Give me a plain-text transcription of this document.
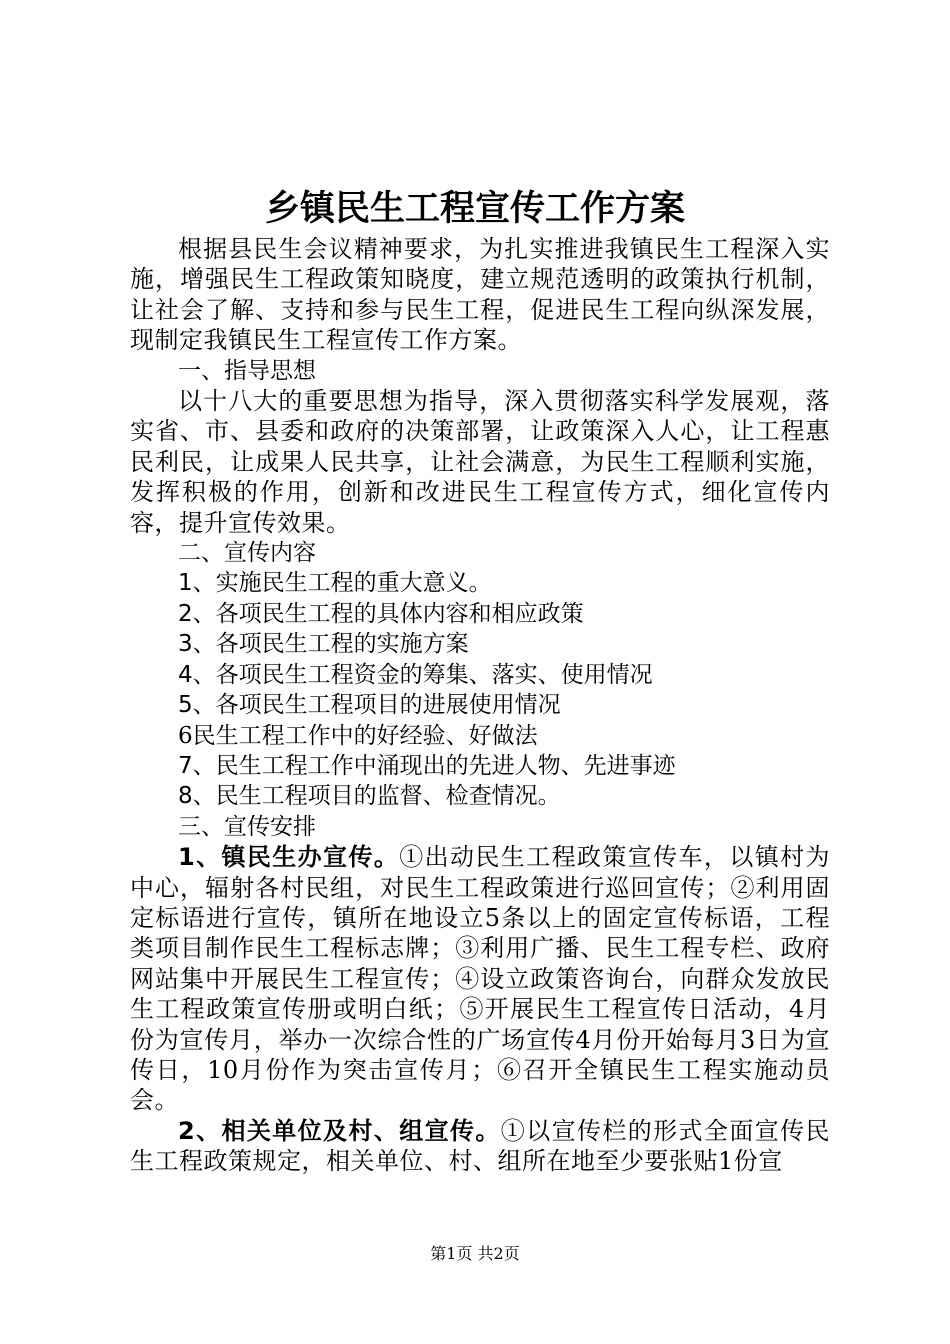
乡镇民生工程宣传工作方案

根据县民生会议精神要求，为扎实推进我镇民生工程深入实施，增强民生工程政策知晓度，建立规范透明的政策执行机制，让社会了解、支持和参与民生工程，促进民生工程向纵深发展，现制定我镇民生工程宣传工作方案。

一、指导思想

以十八大的重要思想为指导，深入贯彻落实科学发展观，落实省、市、县委和政府的决策部署，让政策深入人心，让工程惠民利民，让成果人民共享，让社会满意，为民生工程顺利实施，发挥积极的作用，创新和改进民生工程宣传方式，细化宣传内容，提升宣传效果。

二、宣传内容

1、实施民生工程的重大意义。

2、各项民生工程的具体内容和相应政策

3、各项民生工程的实施方案

4、各项民生工程资金的筹集、落实、使用情况

5、各项民生工程项目的进展使用情况

6民生工程工作中的好经验、好做法

7、民生工程工作中涌现出的先进人物、先进事迹

8、民生工程项目的监督、检查情况。

三、宣传安排

1、镇民生办宣传。①出动民生工程政策宣传车，以镇村为中心，辐射各村民组，对民生工程政策进行巡回宣传；②利用固定标语进行宣传，镇所在地设立5条以上的固定宣传标语，工程类项目制作民生工程标志牌；③利用广播、民生工程专栏、政府网站集中开展民生工程宣传；④设立政策咨询台，向群众发放民生工程政策宣传册或明白纸；⑤开展民生工程宣传日活动，4月份为宣传月，举办一次综合性的广场宣传4月份开始每月3日为宣传日，10月份作为突击宣传月；⑥召开全镇民生工程实施动员会。

2、相关单位及村、组宣传。①以宣传栏的形式全面宣传民生工程政策规定，相关单位、村、组所在地至少要张贴1份宣

第1页 共2页
